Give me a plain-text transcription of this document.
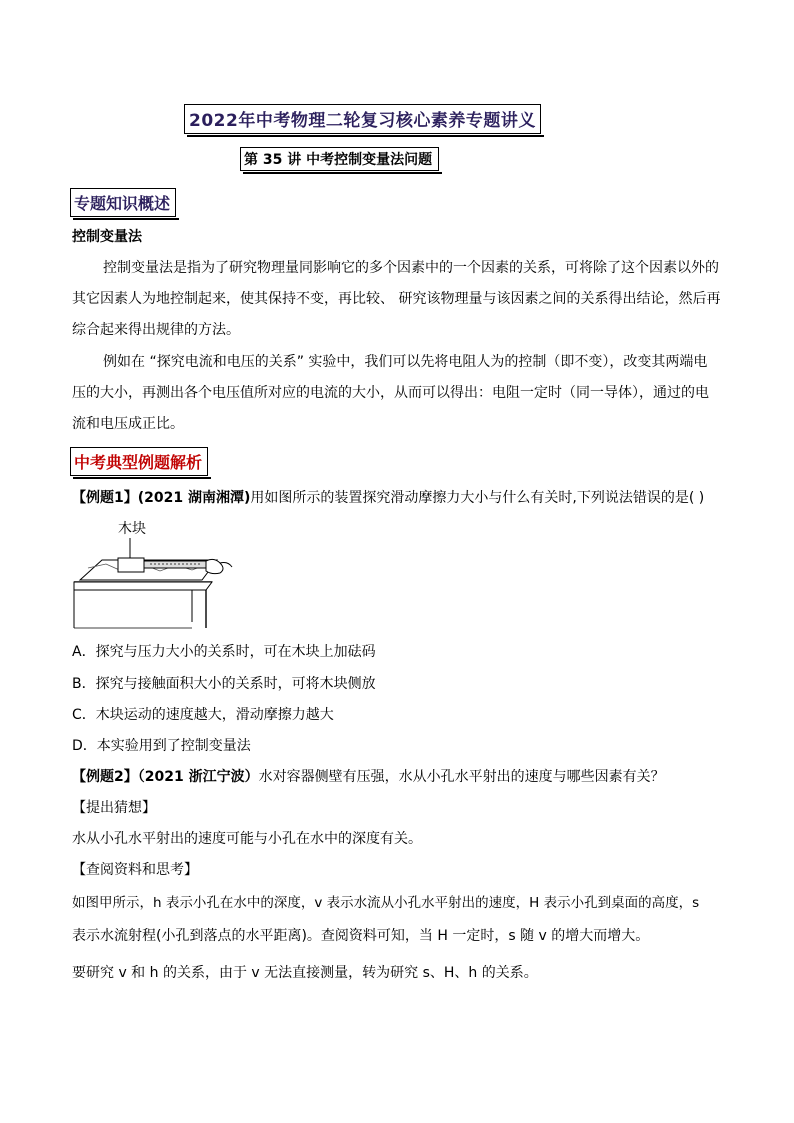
2022年中考物理二轮复习核心素养专题讲义
第 35 讲 中考控制变量法问题
专题知识概述
控制变量法
控制变量法是指为了研究物理量同影响它的多个因素中的一个因素的关系，可将除了这个因素以外的
其它因素人为地控制起来，使其保持不变，再比较、 研究该物理量与该因素之间的关系得出结论，然后再
综合起来得出规律的方法。
例如在 “探究电流和电压的关系” 实验中，我们可以先将电阻人为的控制（即不变），改变其两端电
压的大小，再测出各个电压值所对应的电流的大小，从而可以得出：电阻一定时（同一导体），通过的电
流和电压成正比。
中考典型例题解析
【例题1】(2021 湖南湘潭)用如图所示的装置探究滑动摩擦力大小与什么有关时,下列说法错误的是( )
木块
A．探究与压力大小的关系时，可在木块上加砝码
B．探究与接触面积大小的关系时，可将木块侧放
C．木块运动的速度越大，滑动摩擦力越大
D．本实验用到了控制变量法
【例题2】（2021 浙江宁波）水对容器侧壁有压强，水从小孔水平射出的速度与哪些因素有关？
【提出猜想】
水从小孔水平射出的速度可能与小孔在水中的深度有关。
【查阅资料和思考】
如图甲所示，h 表示小孔在水中的深度，v 表示水流从小孔水平射出的速度，H 表示小孔到桌面的高度，s
表示水流射程(小孔到落点的水平距离)。查阅资料可知，当 H 一定时，s 随 v 的增大而增大。
要研究 v 和 h 的关系，由于 v 无法直接测量，转为研究 s、H、h 的关系。
